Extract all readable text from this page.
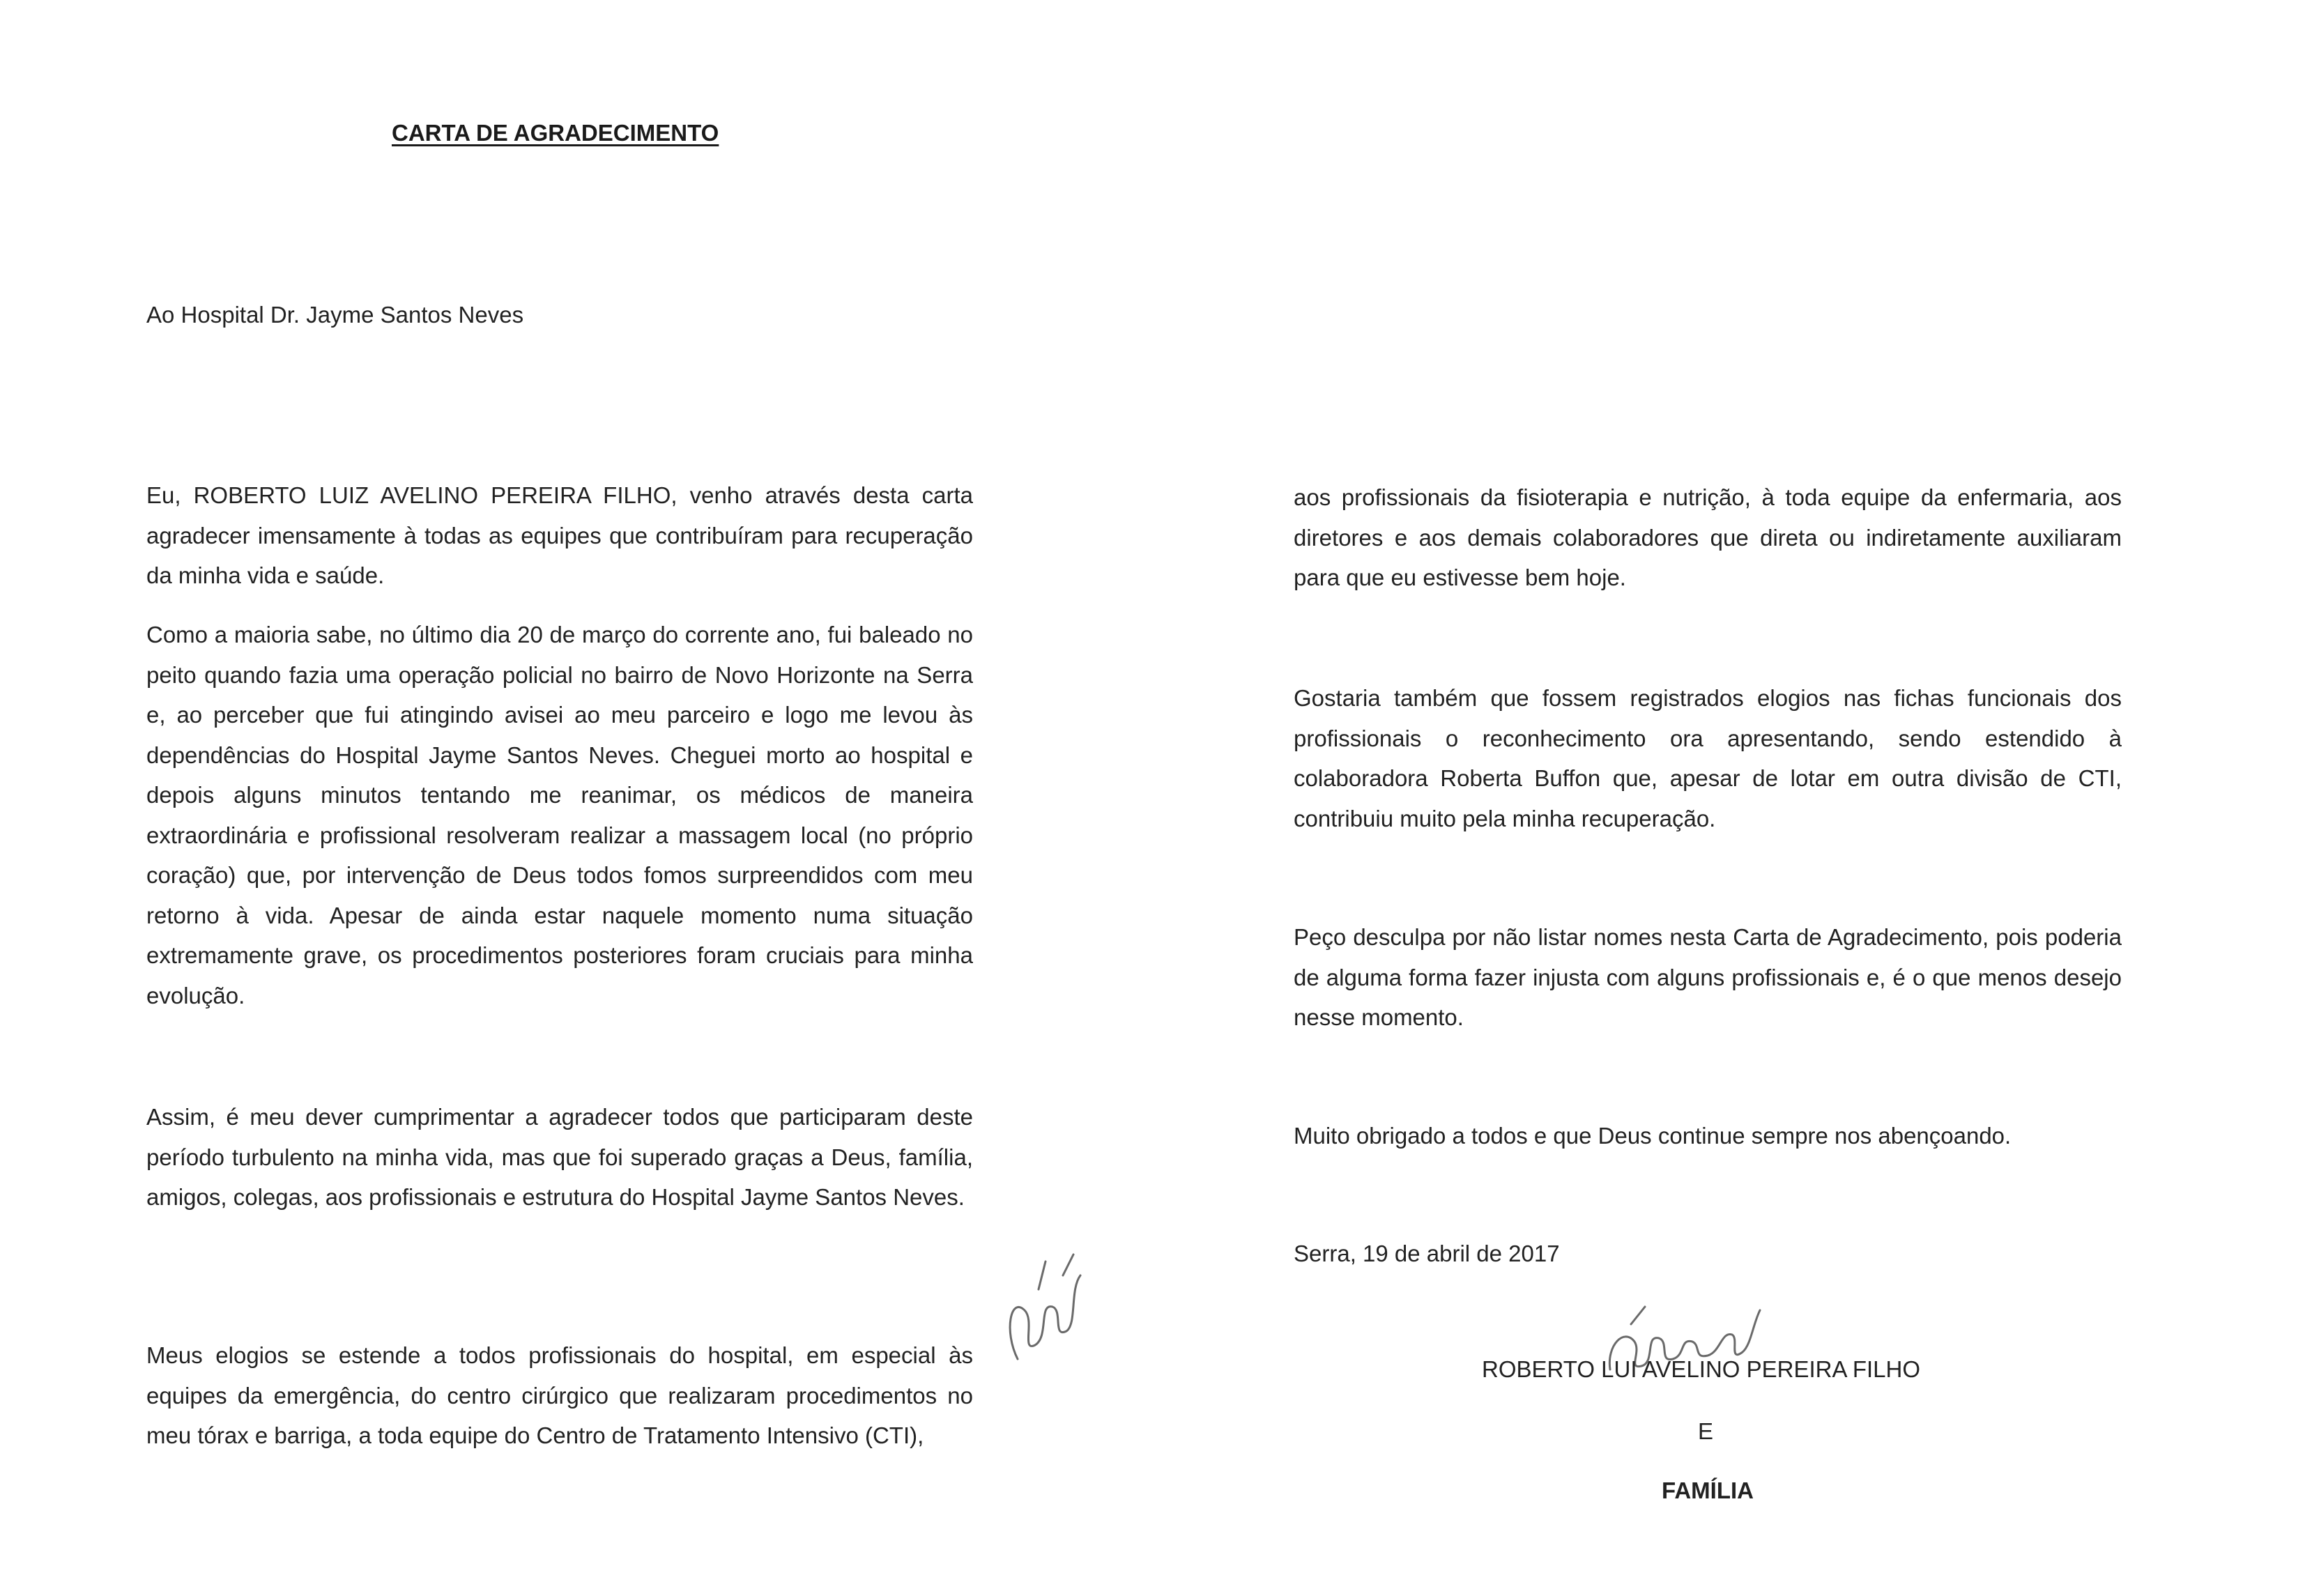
CARTA DE AGRADECIMENTO
Ao Hospital Dr. Jayme Santos Neves

Eu, ROBERTO LUIZ AVELINO PEREIRA FILHO, venho através desta carta agradecer imensamente à todas as equipes que contribuíram para recuperação da minha vida e saúde.

Como a maioria sabe, no último dia 20 de março do corrente ano, fui baleado no peito quando fazia uma operação policial no bairro de Novo Horizonte na Serra e, ao perceber que fui atingindo avisei ao meu parceiro e logo me levou às dependências do Hospital Jayme Santos Neves. Cheguei morto ao hospital e depois alguns minutos tentando me reanimar, os médicos de maneira extraordinária e profissional resolveram realizar a massagem local (no próprio coração) que, por intervenção de Deus todos fomos surpreendidos com meu retorno à vida. Apesar de ainda estar naquele momento numa situação extremamente grave, os procedimentos posteriores foram cruciais para minha evolução.

Assim, é meu dever cumprimentar a agradecer todos que participaram deste período turbulento na minha vida, mas que foi superado graças a Deus, família, amigos, colegas, aos profissionais e estrutura do Hospital Jayme Santos Neves.

Meus elogios se estende a todos profissionais do hospital, em especial às equipes da emergência, do centro cirúrgico que realizaram procedimentos no meu tórax e barriga, a toda equipe do Centro de Tratamento Intensivo (CTI),

aos profissionais da fisioterapia e nutrição, à toda equipe da enfermaria, aos diretores e aos demais colaboradores que direta ou indiretamente auxiliaram para que eu estivesse bem hoje.

Gostaria também que fossem registrados elogios nas fichas funcionais dos profissionais o reconhecimento ora apresentando, sendo estendido à colaboradora Roberta Buffon que, apesar de lotar em outra divisão de CTI, contribuiu muito pela minha recuperação.

Peço desculpa por não listar nomes nesta Carta de Agradecimento, pois poderia de alguma forma fazer injusta com alguns profissionais e, é o que menos desejo nesse momento.

Muito obrigado a todos e que Deus continue sempre nos abençoando.
Serra, 19 de abril de 2017
ROBERTO LUI AVELINO PEREIRA FILHO
E
FAMÍLIA
